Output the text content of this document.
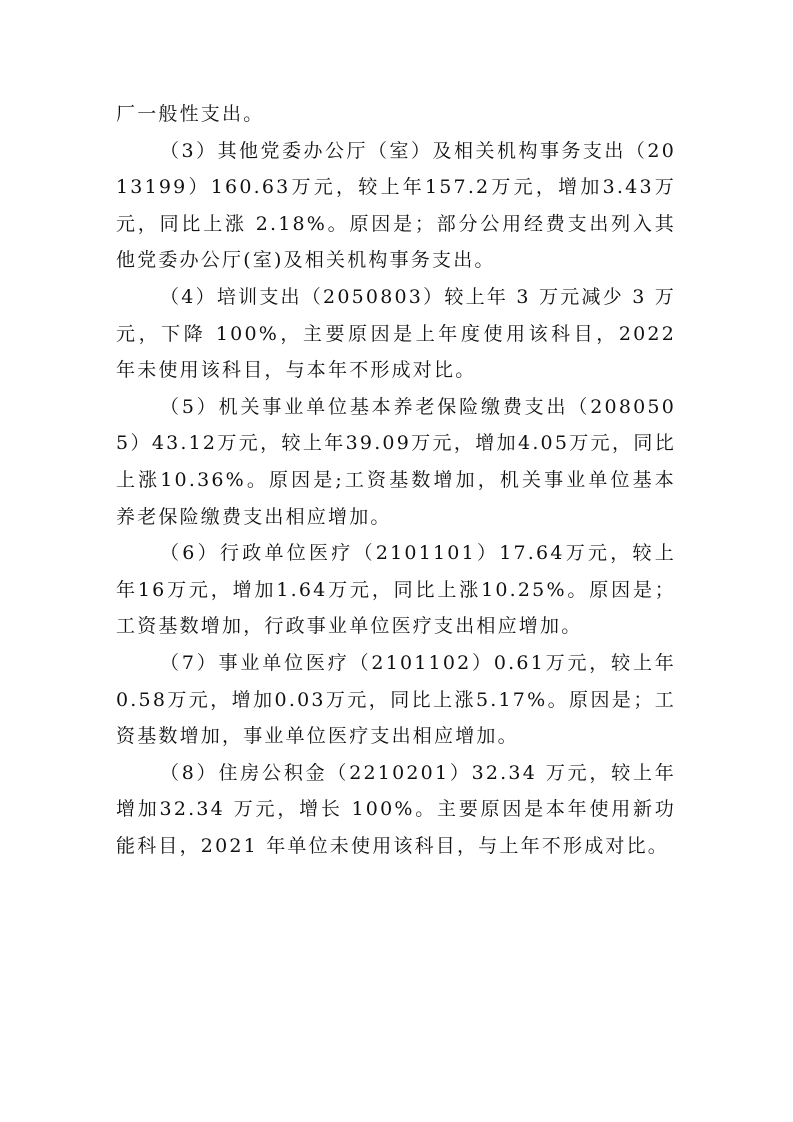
厂一般性支出。

（3）其他党委办公厅（室）及相关机构事务支出（2013199）160.63万元，较上年157.2万元，增加3.43万元，同比上涨 2.18%。原因是；部分公用经费支出列入其他党委办公厅(室)及相关机构事务支出。

（4）培训支出（2050803）较上年 3 万元减少 3 万元，下降 100%，主要原因是上年度使用该科目，2022 年未使用该科目，与本年不形成对比。

（5）机关事业单位基本养老保险缴费支出（2080505）43.12万元，较上年39.09万元，增加4.05万元，同比上涨10.36%。原因是;工资基数增加，机关事业单位基本养老保险缴费支出相应增加。

（6）行政单位医疗（2101101）17.64万元，较上年16万元，增加1.64万元，同比上涨10.25%。原因是；工资基数增加，行政事业单位医疗支出相应增加。

（7）事业单位医疗（2101102）0.61万元，较上年0.58万元，增加0.03万元，同比上涨5.17%。原因是；工资基数增加，事业单位医疗支出相应增加。

（8）住房公积金（2210201）32.34 万元，较上年增加32.34 万元，增长 100%。主要原因是本年使用新功能科目，2021 年单位未使用该科目，与上年不形成对比。
